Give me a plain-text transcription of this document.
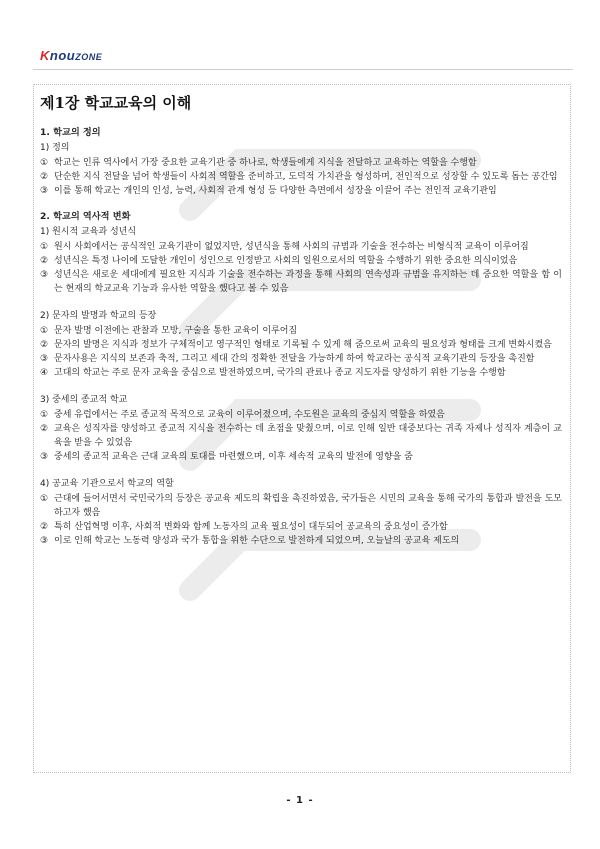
KnouZONE
제1장 학교교육의 이해
1. 학교의 정의
1) 정의
① 학교는 인류 역사에서 가장 중요한 교육기관 중 하나로, 학생들에게 지식을 전달하고 교육하는 역할을 수행함
② 단순한 지식 전달을 넘어 학생들이 사회적 역할을 준비하고, 도덕적 가치관을 형성하며, 전인적으로 성장할 수 있도록 돕는 공간임
③ 이를 통해 학교는 개인의 인성, 능력, 사회적 관계 형성 등 다양한 측면에서 성장을 이끌어 주는 전인적 교육기관임
2. 학교의 역사적 변화
1) 원시적 교육과 성년식
① 원시 사회에서는 공식적인 교육기관이 없었지만, 성년식을 통해 사회의 규범과 기술을 전수하는 비형식적 교육이 이루어짐
② 성년식은 특정 나이에 도달한 개인이 성인으로 인정받고 사회의 일원으로서의 역할을 수행하기 위한 중요한 의식이었음
③ 성년식은 새로운 세대에게 필요한 지식과 기술을 전수하는 과정을 통해 사회의 연속성과 규범을 유지하는 데 중요한 역할을 함 이는 현재의 학교교육 기능과 유사한 역할을 했다고 볼 수 있음
2) 문자의 발명과 학교의 등장
① 문자 발명 이전에는 관찰과 모방, 구술을 통한 교육이 이루어짐
② 문자의 발명은 지식과 정보가 구체적이고 영구적인 형태로 기록될 수 있게 해 줌으로써 교육의 필요성과 형태를 크게 변화시켰음
③ 문자사용은 지식의 보존과 축적, 그리고 세대 간의 정확한 전달을 가능하게 하여 학교라는 공식적 교육기관의 등장을 촉진함
④ 고대의 학교는 주로 문자 교육을 중심으로 발전하였으며, 국가의 관료나 종교 지도자를 양성하기 위한 기능을 수행함
3) 중세의 종교적 학교
① 중세 유럽에서는 주로 종교적 목적으로 교육이 이루어졌으며, 수도원은 교육의 중심지 역할을 하였음
② 교육은 성직자를 양성하고 종교적 지식을 전수하는 데 초점을 맞췄으며, 이로 인해 일반 대중보다는 귀족 자제나 성직자 계층이 교육을 받을 수 있었음
③ 중세의 종교적 교육은 근대 교육의 토대를 마련했으며, 이후 세속적 교육의 발전에 영향을 줌
4) 공교육 기관으로서 학교의 역할
① 근대에 들어서면서 국민국가의 등장은 공교육 제도의 확립을 촉진하였음, 국가들은 시민의 교육을 통해 국가의 통합과 발전을 도모하고자 했음
② 특히 산업혁명 이후, 사회적 변화와 함께 노동자의 교육 필요성이 대두되어 공교육의 중요성이 증가함
③ 이로 인해 학교는 노동력 양성과 국가 통합을 위한 수단으로 발전하게 되었으며, 오늘날의 공교육 제도의
- 1 -
